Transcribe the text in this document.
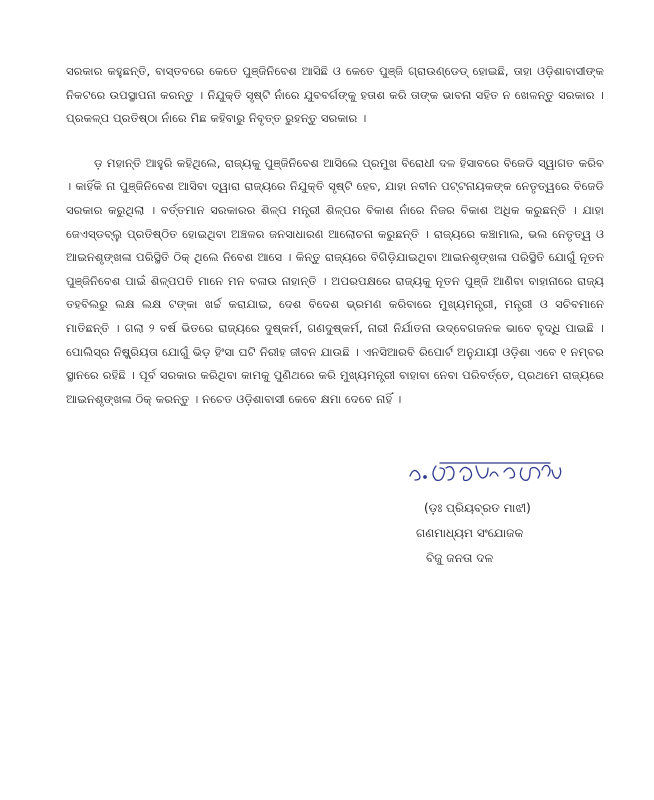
ସରକାର କହୁଛନ୍ତି, ବାସ୍ତବରେ କେତେ ପୁଞ୍ଜିନିବେଶ ଆସିଛି ଓ କେତେ ପୁଞ୍ଜି ଗ୍ରାଉଣ୍ଡେଡ୍ ହୋଇଛି, ତାହା ଓଡ଼ିଶାବାସୀଙ୍କ ନିକଟରେ ଉପସ୍ଥାପନା କରନ୍ତୁ । ନିଯୁକ୍ତି ସୃଷ୍ଟି ନାଁରେ ଯୁବବର୍ଗଙ୍କୁ ହତାଶ କରି ତାଙ୍କ ଭାବନା ସହିତ ନ ଖେଳନ୍ତୁ ସରକାର । ପ୍ରକଳ୍ପ ପ୍ରତିଷ୍ଠା ନାଁରେ ମିଛ କହିବାରୁ ନିବୃତ୍ତ ରୁହନ୍ତୁ ସରକାର ।

ଡ଼ ମହାନ୍ତି ଆହୁରି କହିଥିଲେ, ରାଜ୍ୟକୁ ପୁଞ୍ଜିନିବେଶ ଆସିଲେ ପ୍ରମୁଖ ବିରୋଧୀ ଦଳ ହିସାବରେ ବିଜେଡି ସ୍ୱାଗତ କରିବ । କାହିଁକି ନା ପୁଞ୍ଜିନିବେଶ ଆସିବା ଦ୍ୱାରା ରାଜ୍ୟରେ ନିଯୁକ୍ତି ସୃଷ୍ଟି ହେବ, ଯାହା ନବୀନ ପଟ୍ଟନାୟକଙ୍କ ନେତୃତ୍ୱରେ ବିଜେଡି ସରକାର କରୁଥିଲା । ବର୍ତ୍ତମାନ ସରକାରର ଶିଳ୍ପ ମନ୍ତ୍ରୀ ଶିଳ୍ପର ବିକାଶ ନାଁରେ ନିଜର ବିକାଶ ଅଧିକ କରୁଛନ୍ତି । ଯାହା ଜେଏସ୍ଡବ୍ଲୁ ପ୍ରତିଷ୍ଠିତ ହୋଇଥିବା ଅଞ୍ଚଳର ଜନସାଧାରଣ ଆଲୋଚନା କରୁଛନ୍ତି । ରାଜ୍ୟରେ କଞ୍ଚାମାଲ, ଭଲ ନେତୃତ୍ୱ ଓ ଆଇନଶୃଙ୍ଖଳା ପରିସ୍ଥିତି ଠିକ୍ ଥିଲେ ନିବେଶ ଆସେ । କିନ୍ତୁ ରାଜ୍ୟରେ ବିଗିଡ଼ିଯାଇଥିବା ଆଇନଶୃଙ୍ଖଳା ପରିସ୍ଥିତି ଯୋଗୁଁ ନୂତନ ପୁଞ୍ଜିନିବେଶ ପାଇଁ ଶିଳ୍ପପତି ମାନେ ମନ ବଳାଉ ନାହାନ୍ତି । ଅପରପକ୍ଷରେ ରାଜ୍ୟକୁ ନୂତନ ପୁଞ୍ଜି ଆଣିବା ବାହାନାରେ ରାଜ୍ୟ ତହବିଲରୁ ଲକ୍ଷ ଲକ୍ଷ ଟଙ୍କା ଖର୍ଚ୍ଚ କରାଯାଇ, ଦେଶ ବିଦେଶ ଭ୍ରମଣ କରିବାରେ ମୁଖ୍ୟମନ୍ତ୍ରୀ, ମନ୍ତ୍ରୀ ଓ ସଚିବମାନେ ମାତିଛନ୍ତି । ଗଲା ୨ ବର୍ଷ ଭିତରେ ରାଜ୍ୟରେ ଦୁଷ୍କର୍ମ, ଗଣଦୁଷ୍କର୍ମ, ନାରୀ ନିର୍ଯାତନା ଉଦ୍‌ବେଗଜନକ ଭାବେ ବୃଦ୍ଧି ପାଇଛି । ପୋଲିସ୍‌ର ନିଷ୍କ୍ରିୟତା ଯୋଗୁଁ ଭିଡ଼ ହିଂସା ଘଟି ନିରୀହ ଜୀବନ ଯାଉଛି । ଏନସିଆରବି ରିପୋର୍ଟ ଅନୁଯାୟୀ ଓଡ଼ିଶା ଏବେ ୧ ନମ୍ବର ସ୍ଥାନରେ ରହିଛି । ପୂର୍ବ ସରକାର କରିଥିବା କାମକୁ ପୁଣିଥରେ କରି ମୁଖ୍ୟମନ୍ତ୍ରୀ ବାହାବା ନେବା ପରିବର୍ତ୍ତେ, ପ୍ରଥମେ ରାଜ୍ୟରେ ଆଇନଶୃଙ୍ଖଳା ଠିକ୍ କରନ୍ତୁ । ନଚେତ ଓଡ଼ିଶାବାସୀ କେବେ କ୍ଷମା ଦେବେ ନାହିଁ ।

(ଡ଼ଃ ପ୍ରିୟବ୍ରତ ମାଝୀ)

ଗଣମାଧ୍ୟମ ସଂଯୋଜକ

ବିଜୁ ଜନତା ଦଳ
